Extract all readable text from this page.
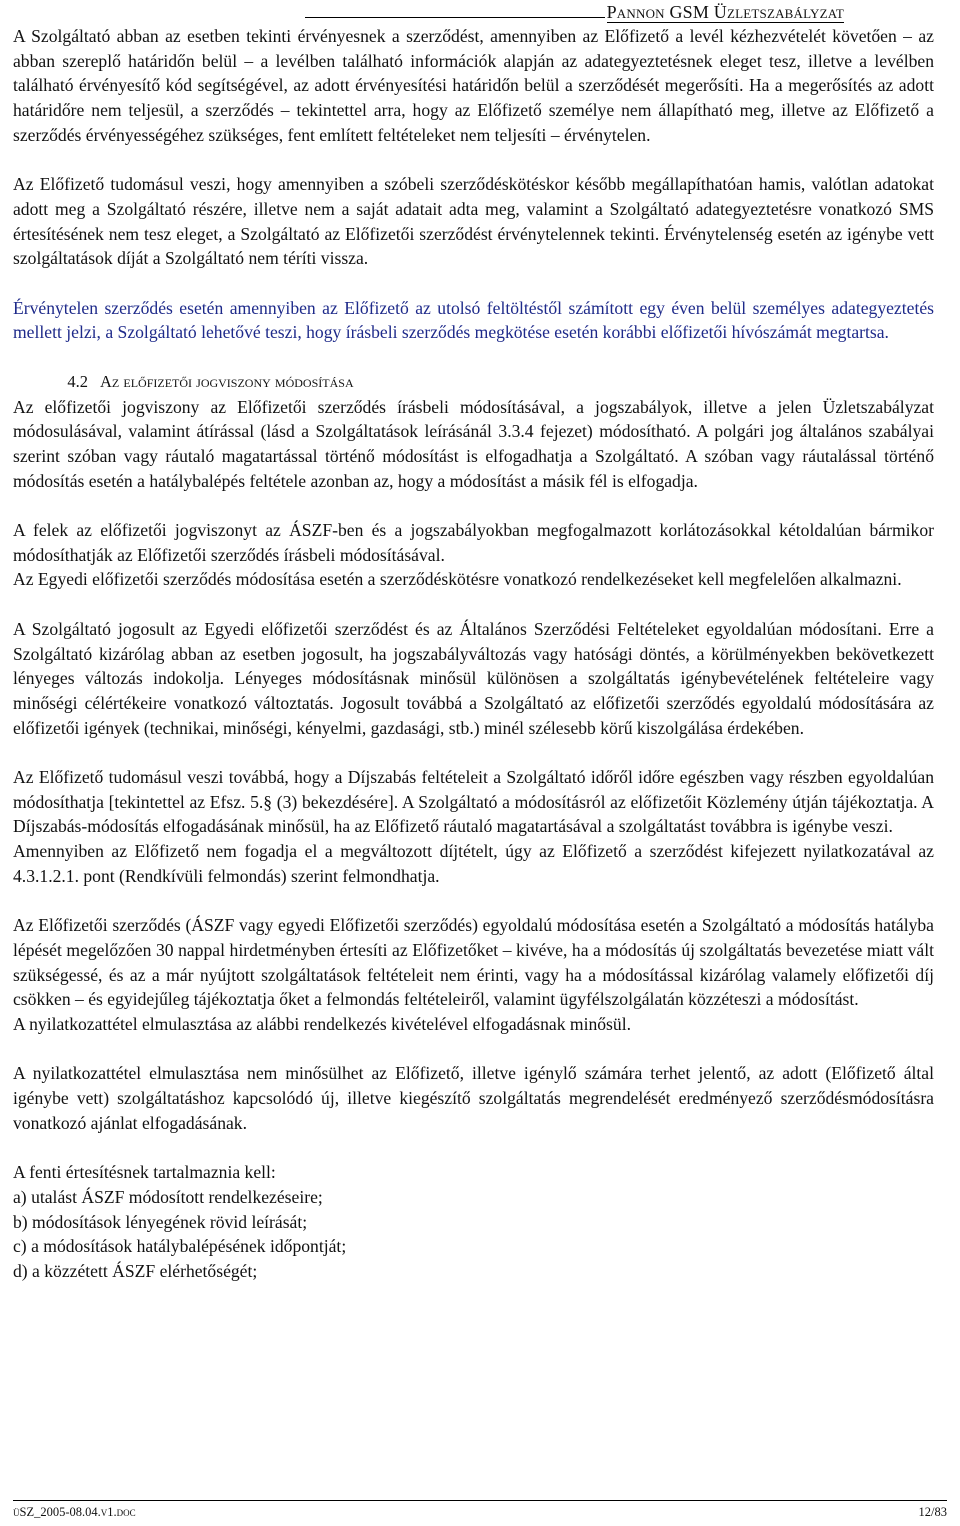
Pannon GSM Üzletszabályzat

A Szolgáltató abban az esetben tekinti érvényesnek a szerződést, amennyiben az Előfizető a levél kézhezvételét követően – az abban szereplő határidőn belül – a levélben található információk alapján az adategyeztetésnek eleget tesz, illetve a levélben található érvényesítő kód segítségével, az adott érvényesítési határidőn belül a szerződését megerősíti. Ha a megerősítés az adott határidőre nem teljesül, a szerződés – tekintettel arra, hogy az Előfizető személye nem állapítható meg, illetve az Előfizető a szerződés érvényességéhez szükséges, fent említett feltételeket nem teljesíti – érvénytelen.

Az Előfizető tudomásul veszi, hogy amennyiben a szóbeli szerződéskötéskor később megállapíthatóan hamis, valótlan adatokat adott meg a Szolgáltató részére, illetve nem a saját adatait adta meg, valamint a Szolgáltató adategyeztetésre vonatkozó SMS értesítésének nem tesz eleget, a Szolgáltató az Előfizetői szerződést érvénytelennek tekinti. Érvénytelenség esetén az igénybe vett szolgáltatások díját a Szolgáltató nem téríti vissza.

Érvénytelen szerződés esetén amennyiben az Előfizető az utolsó feltöltéstől számított egy éven belül személyes adategyeztetés mellett jelzi, a Szolgáltató lehetővé teszi, hogy írásbeli szerződés megkötése esetén korábbi előfizetői hívószámát megtartsa.

4.2 Az előfizetői jogviszony módosítása

Az előfizetői jogviszony az Előfizetői szerződés írásbeli módosításával, a jogszabályok, illetve a jelen Üzletszabályzat módosulásával, valamint átírással (lásd a Szolgáltatások leírásánál 3.3.4 fejezet) módosítható. A polgári jog általános szabályai szerint szóban vagy ráutaló magatartással történő módosítást is elfogadhatja a Szolgáltató. A szóban vagy ráutalással történő módosítás esetén a hatálybalépés feltétele azonban az, hogy a módosítást a másik fél is elfogadja.

A felek az előfizetői jogviszonyt az ÁSZF-ben és a jogszabályokban megfogalmazott korlátozásokkal kétoldalúan bármikor módosíthatják az Előfizetői szerződés írásbeli módosításával.

Az Egyedi előfizetői szerződés módosítása esetén a szerződéskötésre vonatkozó rendelkezéseket kell megfelelően alkalmazni.

A Szolgáltató jogosult az Egyedi előfizetői szerződést és az Általános Szerződési Feltételeket egyoldalúan módosítani. Erre a Szolgáltató kizárólag abban az esetben jogosult, ha jogszabályváltozás vagy hatósági döntés, a körülményekben bekövetkezett lényeges változás indokolja. Lényeges módosításnak minősül különösen a szolgáltatás igénybevételének feltételeire vagy minőségi célértékeire vonatkozó változtatás. Jogosult továbbá a Szolgáltató az előfizetői szerződés egyoldalú módosítására az előfizetői igények (technikai, minőségi, kényelmi, gazdasági, stb.) minél szélesebb körű kiszolgálása érdekében.

Az Előfizető tudomásul veszi továbbá, hogy a Díjszabás feltételeit a Szolgáltató időről időre egészben vagy részben egyoldalúan módosíthatja [tekintettel az Efsz. 5.§ (3) bekezdésére]. A Szolgáltató a módosításról az előfizetőit Közlemény útján tájékoztatja. A Díjszabás-módosítás elfogadásának minősül, ha az Előfizető ráutaló magatartásával a szolgáltatást továbbra is igénybe veszi.

Amennyiben az Előfizető nem fogadja el a megváltozott díjtételt, úgy az Előfizető a szerződést kifejezett nyilatkozatával az 4.3.1.2.1. pont (Rendkívüli felmondás) szerint felmondhatja.

Az Előfizetői szerződés (ÁSZF vagy egyedi Előfizetői szerződés) egyoldalú módosítása esetén a Szolgáltató a módosítás hatályba lépését megelőzően 30 nappal hirdetményben értesíti az Előfizetőket – kivéve, ha a módosítás új szolgáltatás bevezetése miatt vált szükségessé, és az a már nyújtott szolgáltatások feltételeit nem érinti, vagy ha a módosítással kizárólag valamely előfizetői díj csökken – és egyidejűleg tájékoztatja őket a felmondás feltételeiről, valamint ügyfélszolgálatán közzéteszi a módosítást.

A nyilatkozattétel elmulasztása az alábbi rendelkezés kivételével elfogadásnak minősül.

A nyilatkozattétel elmulasztása nem minősülhet az Előfizető, illetve igénylő számára terhet jelentő, az adott (Előfizető által igénybe vett) szolgáltatáshoz kapcsolódó új, illetve kiegészítő szolgáltatás megrendelését eredményező szerződésmódosításra vonatkozó ajánlat elfogadásának.

A fenti értesítésnek tartalmaznia kell:

a) utalást ÁSZF módosított rendelkezéseire;

b) módosítások lényegének rövid leírását;

c) a módosítások hatálybalépésének időpontját;

d) a közzétett ÁSZF elérhetőségét;

üSZ_2005-08.04.v1.doc	12/83
